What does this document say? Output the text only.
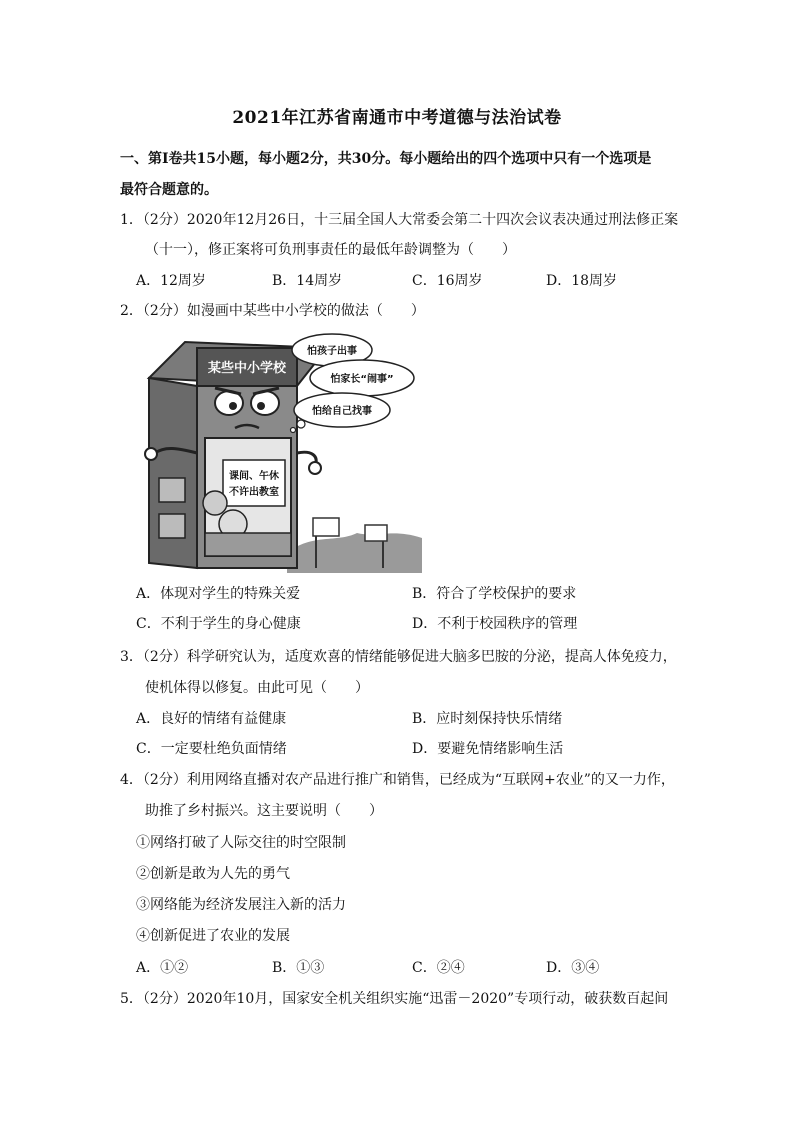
2021年江苏省南通市中考道德与法治试卷
一、第Ⅰ卷共15小题，每小题2分，共30分。每小题给出的四个选项中只有一个选项是
最符合题意的。
1．（2分）2020年12月26日，十三届全国人大常委会第二十四次会议表决通过刑法修正案
（十一），修正案将可负刑事责任的最低年龄调整为（　　）
A．12周岁	B．14周岁	C．16周岁	D．18周岁
2．（2分）如漫画中某些中小学校的做法（　　）
某些中小学校
课间、午休
不许出教室
怕孩子出事
怕家长“闹事”
怕给自己找事
A．体现对学生的特殊关爱	B．符合了学校保护的要求
C．不利于学生的身心健康	D．不利于校园秩序的管理
3．（2分）科学研究认为，适度欢喜的情绪能够促进大脑多巴胺的分泌，提高人体免疫力，
使机体得以修复。由此可见（　　）
A．良好的情绪有益健康	B．应时刻保持快乐情绪
C．一定要杜绝负面情绪	D．要避免情绪影响生活
4．（2分）利用网络直播对农产品进行推广和销售，已经成为“互联网+农业”的又一力作，
助推了乡村振兴。这主要说明（　　）
①网络打破了人际交往的时空限制
②创新是敢为人先的勇气
③网络能为经济发展注入新的活力
④创新促进了农业的发展
A．①②	B．①③	C．②④	D．③④
5．（2分）2020年10月，国家安全机关组织实施“迅雷－2020”专项行动，破获数百起间
